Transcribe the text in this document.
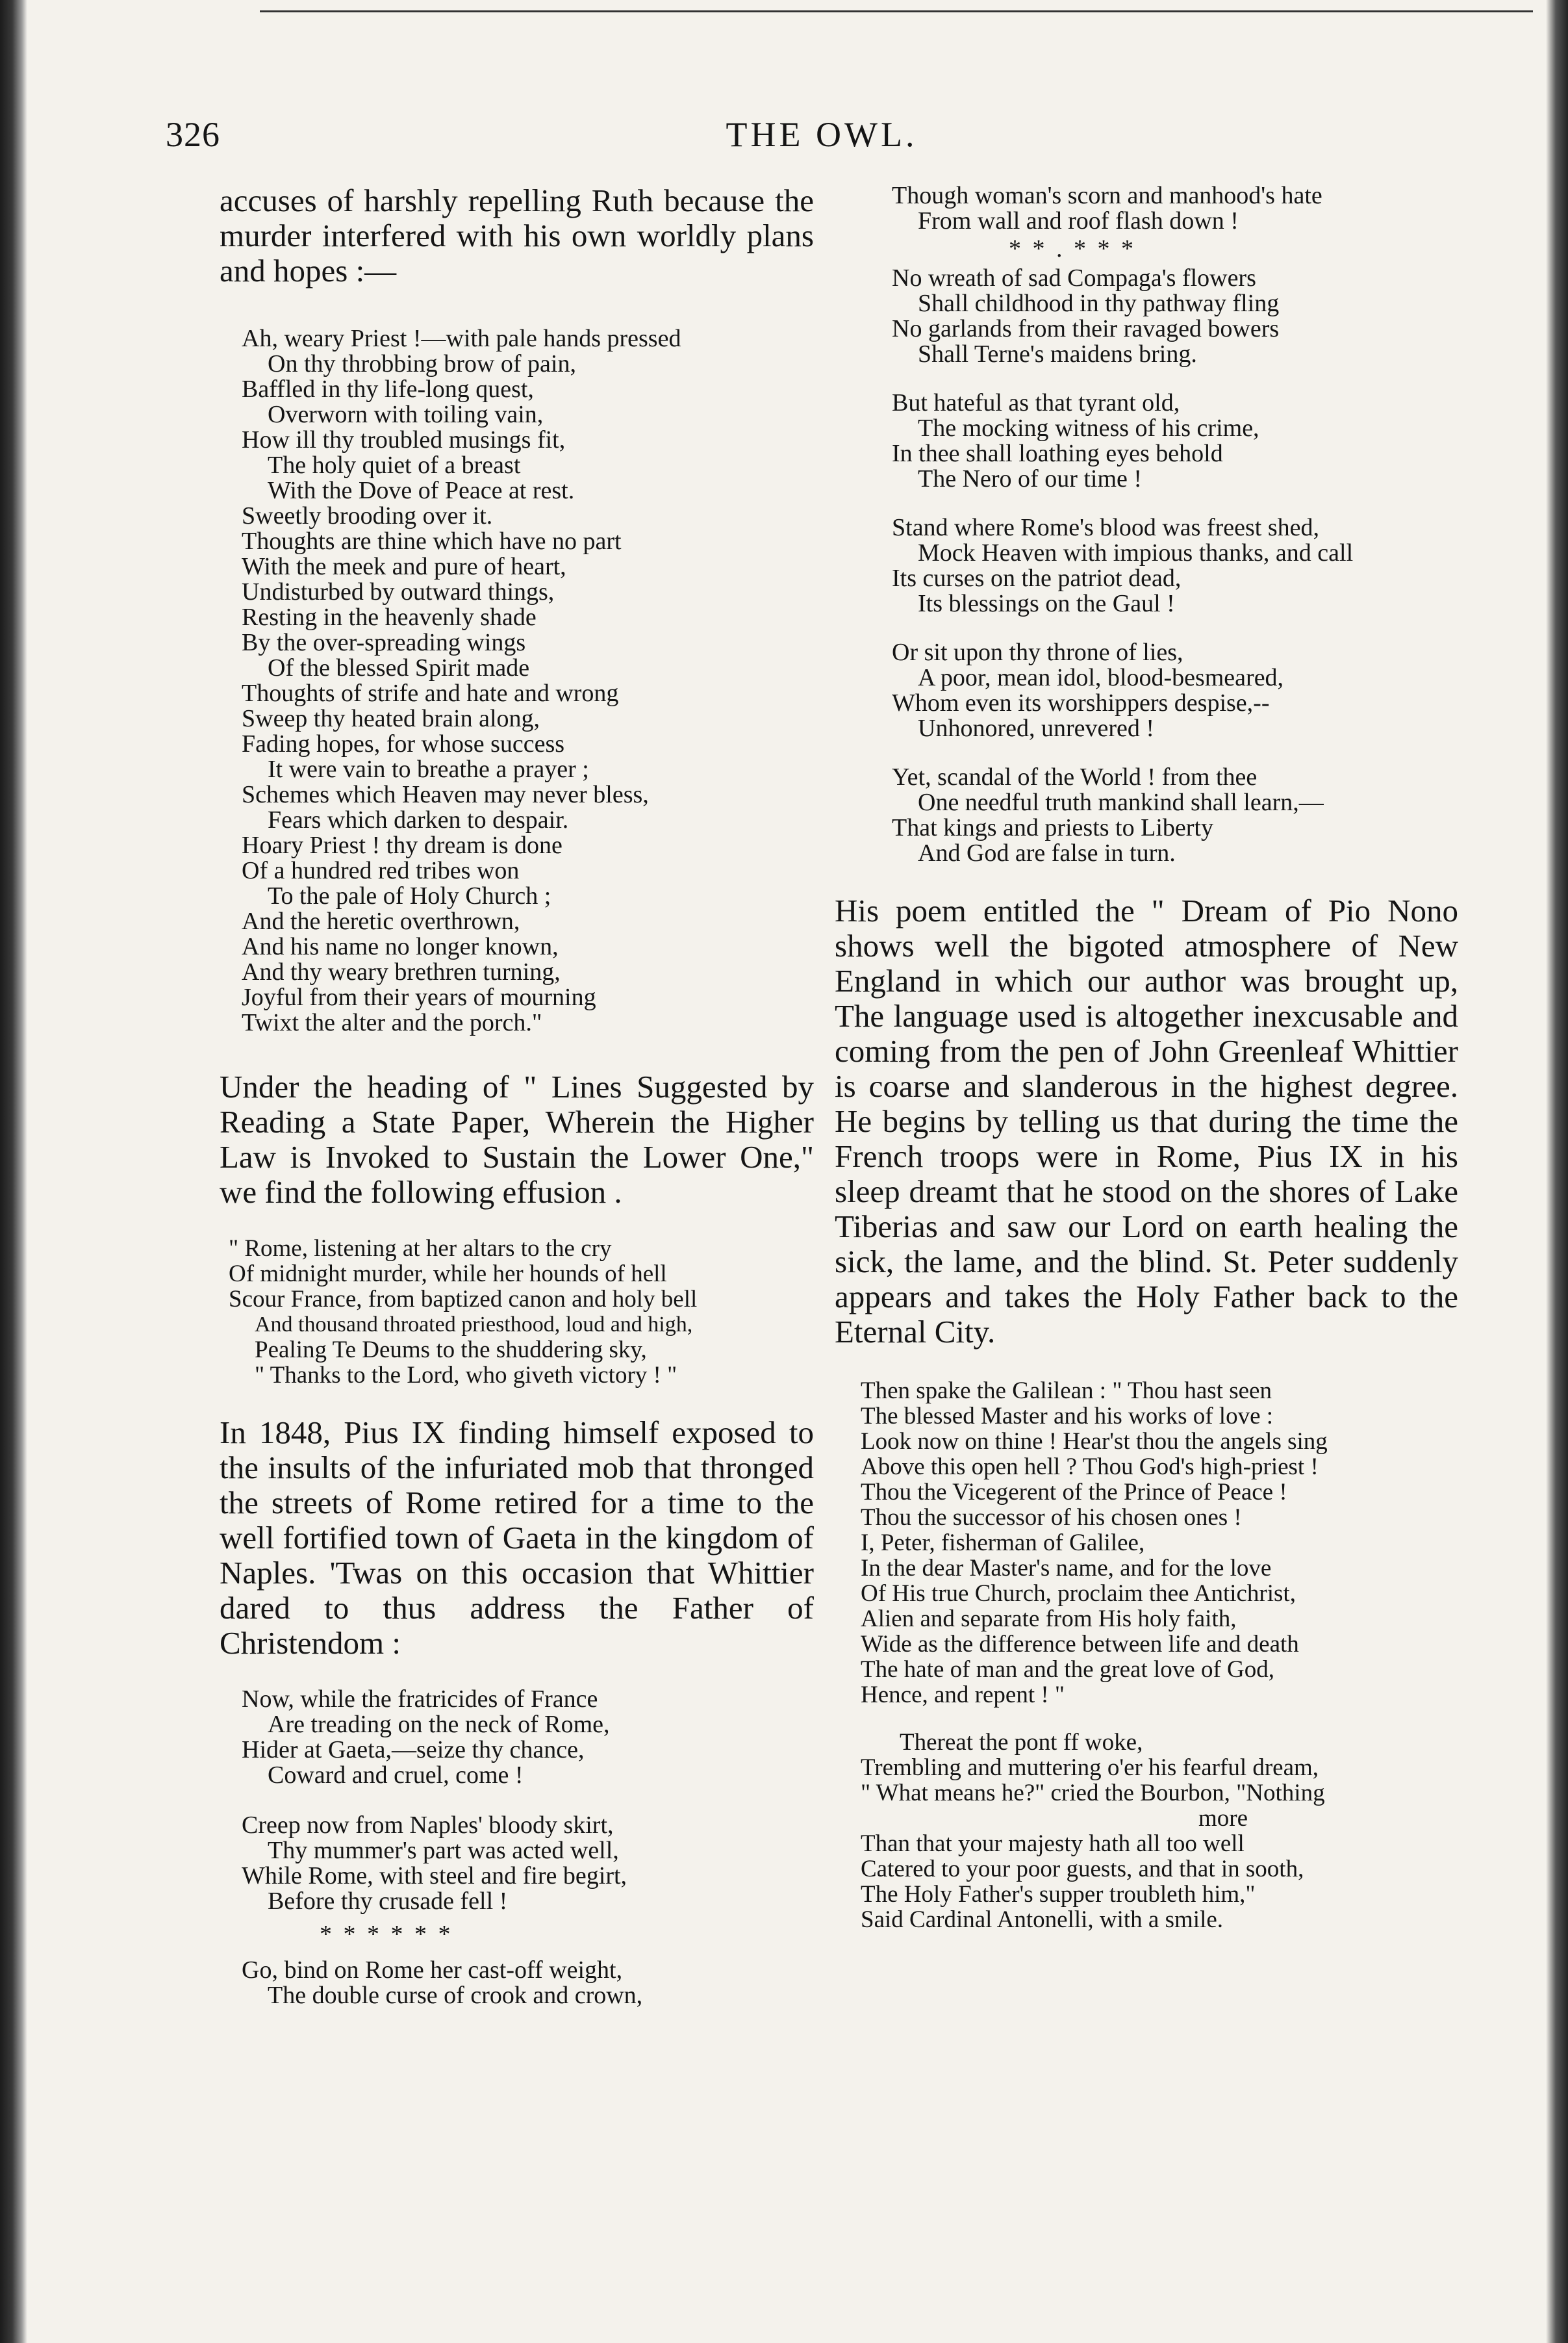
326	THE OWL.

accuses of harshly repelling Ruth because the murder interfered with his own worldly plans and hopes :—

Ah, weary Priest !—with pale hands pressed
On thy throbbing brow of pain,
Baffled in thy life-long quest,
Overworn with toiling vain,
How ill thy troubled musings fit,
The holy quiet of a breast
With the Dove of Peace at rest.
Sweetly brooding over it.
Thoughts are thine which have no part
With the meek and pure of heart,
Undisturbed by outward things,
Resting in the heavenly shade
By the over-spreading wings
Of the blessed Spirit made
Thoughts of strife and hate and wrong
Sweep thy heated brain along,
Fading hopes, for whose success
It were vain to breathe a prayer ;
Schemes which Heaven may never bless,
Fears which darken to despair.
Hoary Priest ! thy dream is done
Of a hundred red tribes won
To the pale of Holy Church ;
And the heretic overthrown,
And his name no longer known,
And thy weary brethren turning,
Joyful from their years of mourning
Twixt the alter and the porch."

Under the heading of " Lines Suggested by Reading a State Paper, Wherein the Higher Law is Invoked to Sustain the Lower One," we find the following effusion .

" Rome, listening at her altars to the cry
Of midnight murder, while her hounds of hell
Scour France, from baptized canon and holy bell
And thousand throated priesthood, loud and high,
Pealing Te Deums to the shuddering sky,
" Thanks to the Lord, who giveth victory ! "

In 1848, Pius IX finding himself exposed to the insults of the infuriated mob that thronged the streets of Rome retired for a time to the well fortified town of Gaeta in the kingdom of Naples. 'Twas on this occasion that Whittier dared to thus address the Father of Christendom :

Now, while the fratricides of France
Are treading on the neck of Rome,
Hider at Gaeta,—seize thy chance,
Coward and cruel, come !
Creep now from Naples' bloody skirt,
Thy mummer's part was acted well,
While Rome, with steel and fire begirt,
Before thy crusade fell !
* * * * * *
Go, bind on Rome her cast-off weight,
The double curse of crook and crown,
Though woman's scorn and manhood's hate
From wall and roof flash down !
* * . * * *
No wreath of sad Compaga's flowers
Shall childhood in thy pathway fling
No garlands from their ravaged bowers
Shall Terne's maidens bring.
But hateful as that tyrant old,
The mocking witness of his crime,
In thee shall loathing eyes behold
The Nero of our time !
Stand where Rome's blood was freest shed,
Mock Heaven with impious thanks, and call
Its curses on the patriot dead,
Its blessings on the Gaul !
Or sit upon thy throne of lies,
A poor, mean idol, blood-besmeared,
Whom even its worshippers despise,--
Unhonored, unrevered !
Yet, scandal of the World ! from thee
One needful truth mankind shall learn,—
That kings and priests to Liberty
And God are false in turn.

His poem entitled the " Dream of Pio Nono shows well the bigoted atmosphere of New England in which our author was brought up, The language used is altogether inexcusable and coming from the pen of John Greenleaf Whittier is coarse and slanderous in the highest degree. He begins by telling us that during the time the French troops were in Rome, Pius IX in his sleep dreamt that he stood on the shores of Lake Tiberias and saw our Lord on earth healing the sick, the lame, and the blind. St. Peter suddenly appears and takes the Holy Father back to the Eternal City.

Then spake the Galilean : " Thou hast seen
The blessed Master and his works of love :
Look now on thine ! Hear'st thou the angels sing
Above this open hell ? Thou God's high-priest !
Thou the Vicegerent of the Prince of Peace !
Thou the successor of his chosen ones !
I, Peter, fisherman of Galilee,
In the dear Master's name, and for the love
Of His true Church, proclaim thee Antichrist,
Alien and separate from His holy faith,
Wide as the difference between life and death
The hate of man and the great love of God,
Hence, and repent ! "
Thereat the pont ff woke,
Trembling and muttering o'er his fearful dream,
" What means he?" cried the Bourbon, "Nothing
more
Than that your majesty hath all too well
Catered to your poor guests, and that in sooth,
The Holy Father's supper troubleth him,"
Said Cardinal Antonelli, with a smile.
